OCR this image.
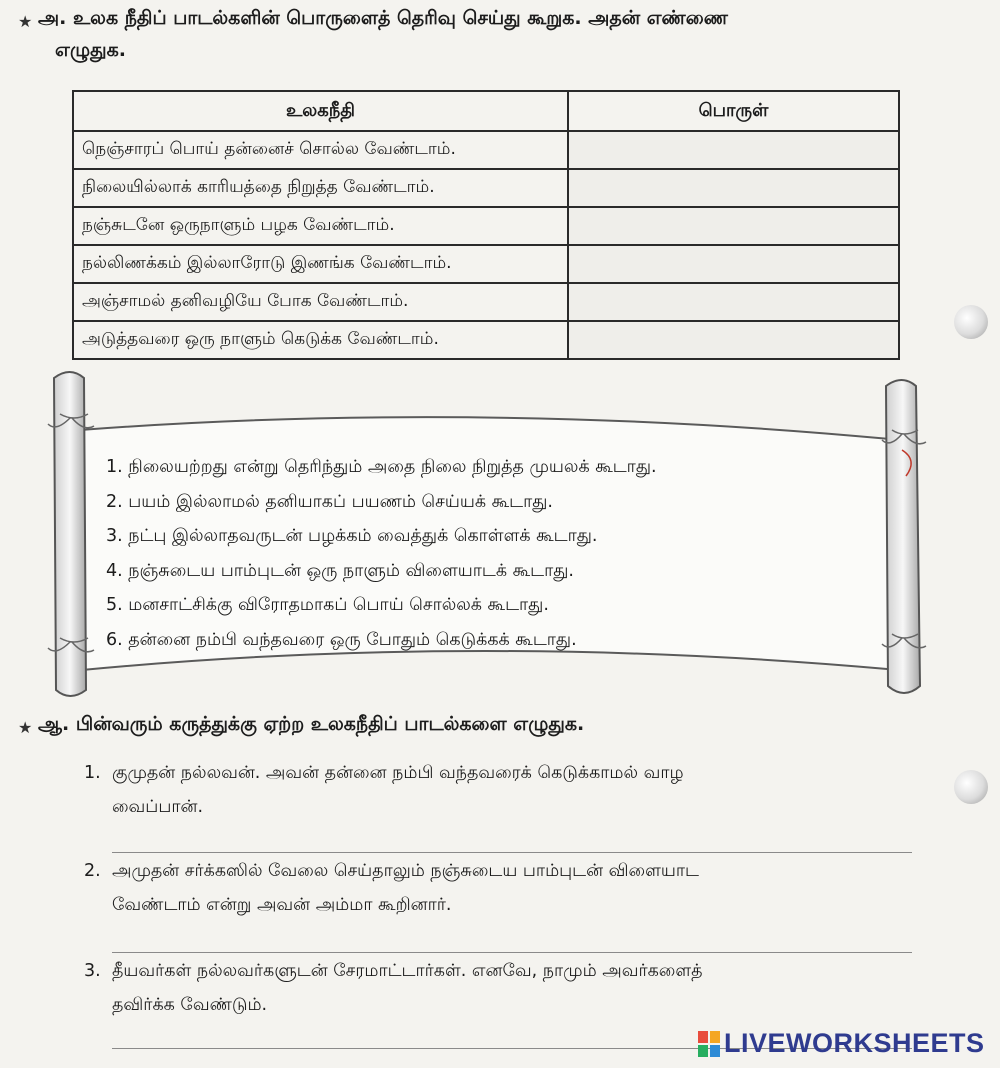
★ அ. உலக நீதிப் பாடல்களின் பொருளைத் தெரிவு செய்து கூறுக. அதன் எண்ணை
எழுதுக.
உலகநீதி	பொருள்
நெஞ்சாரப் பொய் தன்னைச் சொல்ல வேண்டாம்.	
நிலையில்லாக் காரியத்தை நிறுத்த வேண்டாம்.	
நஞ்சுடனே ஒருநாளும் பழக வேண்டாம்.	
நல்லிணக்கம் இல்லாரோடு இணங்க வேண்டாம்.	
அஞ்சாமல் தனிவழியே போக வேண்டாம்.	
அடுத்தவரை ஒரு நாளும் கெடுக்க வேண்டாம்.	
1. நிலையற்றது என்று தெரிந்தும் அதை நிலை நிறுத்த முயலக் கூடாது.
2. பயம் இல்லாமல் தனியாகப் பயணம் செய்யக் கூடாது.
3. நட்பு இல்லாதவருடன் பழக்கம் வைத்துக் கொள்ளக் கூடாது.
4. நஞ்சுடைய பாம்புடன் ஒரு நாளும் விளையாடக் கூடாது.
5. மனசாட்சிக்கு விரோதமாகப் பொய் சொல்லக் கூடாது.
6. தன்னை நம்பி வந்தவரை ஒரு போதும் கெடுக்கக் கூடாது.
★ ஆ. பின்வரும் கருத்துக்கு ஏற்ற உலகநீதிப் பாடல்களை எழுதுக.
1. குமுதன் நல்லவன். அவன் தன்னை நம்பி வந்தவரைக் கெடுக்காமல் வாழ
வைப்பான்.
2. அமுதன் சர்க்கஸில் வேலை செய்தாலும் நஞ்சுடைய பாம்புடன் விளையாட
வேண்டாம் என்று அவன் அம்மா கூறினார்.
3. தீயவர்கள் நல்லவர்களுடன் சேரமாட்டார்கள். எனவே, நாமும் அவர்களைத்
தவிர்க்க வேண்டும்.
LIVEWORKSHEETS
